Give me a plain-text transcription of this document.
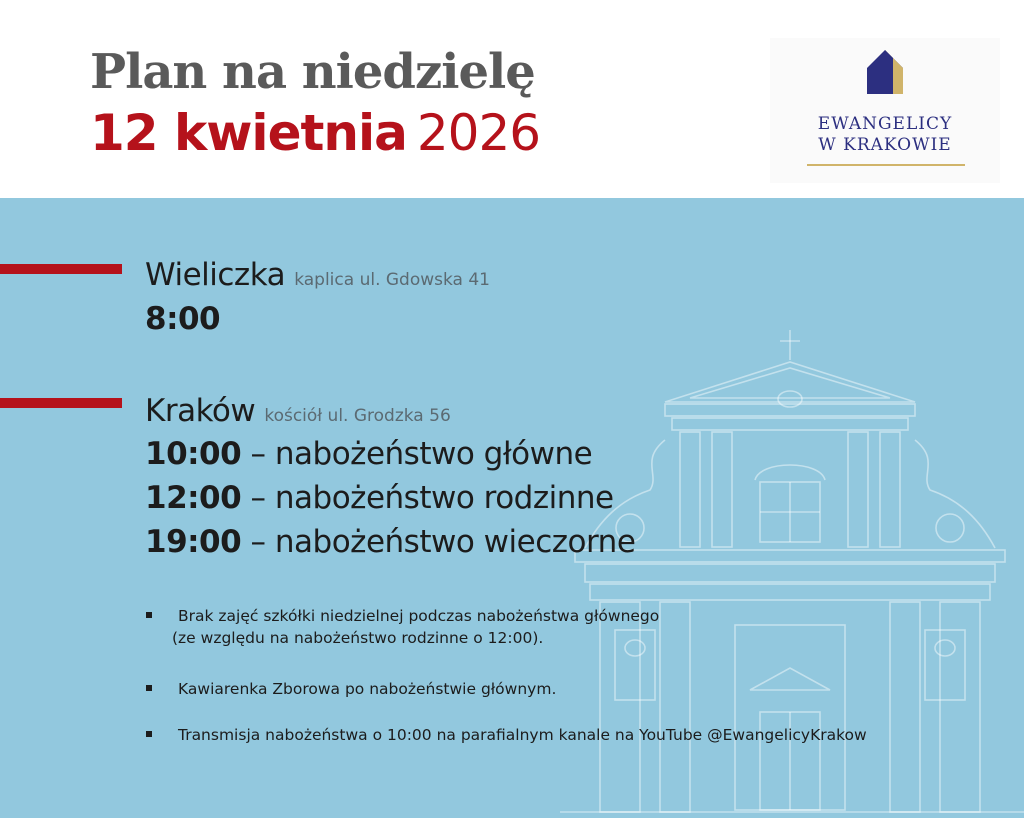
Plan na niedzielę
12 kwietnia 2026	EWANGELICY
W KRAKOWIE
Wieliczka kaplica ul. Gdowska 41
8:00
Kraków kościół ul. Grodzka 56
10:00 – nabożeństwo główne
12:00 – nabożeństwo rodzinne
19:00 – nabożeństwo wieczorne
Brak zajęć szkółki niedzielnej podczas nabożeństwa głównego
(ze względu na nabożeństwo rodzinne o 12:00).
Kawiarenka Zborowa po nabożeństwie głównym.
Transmisja nabożeństwa o 10:00 na parafialnym kanale na YouTube @EwangelicyKrakow
